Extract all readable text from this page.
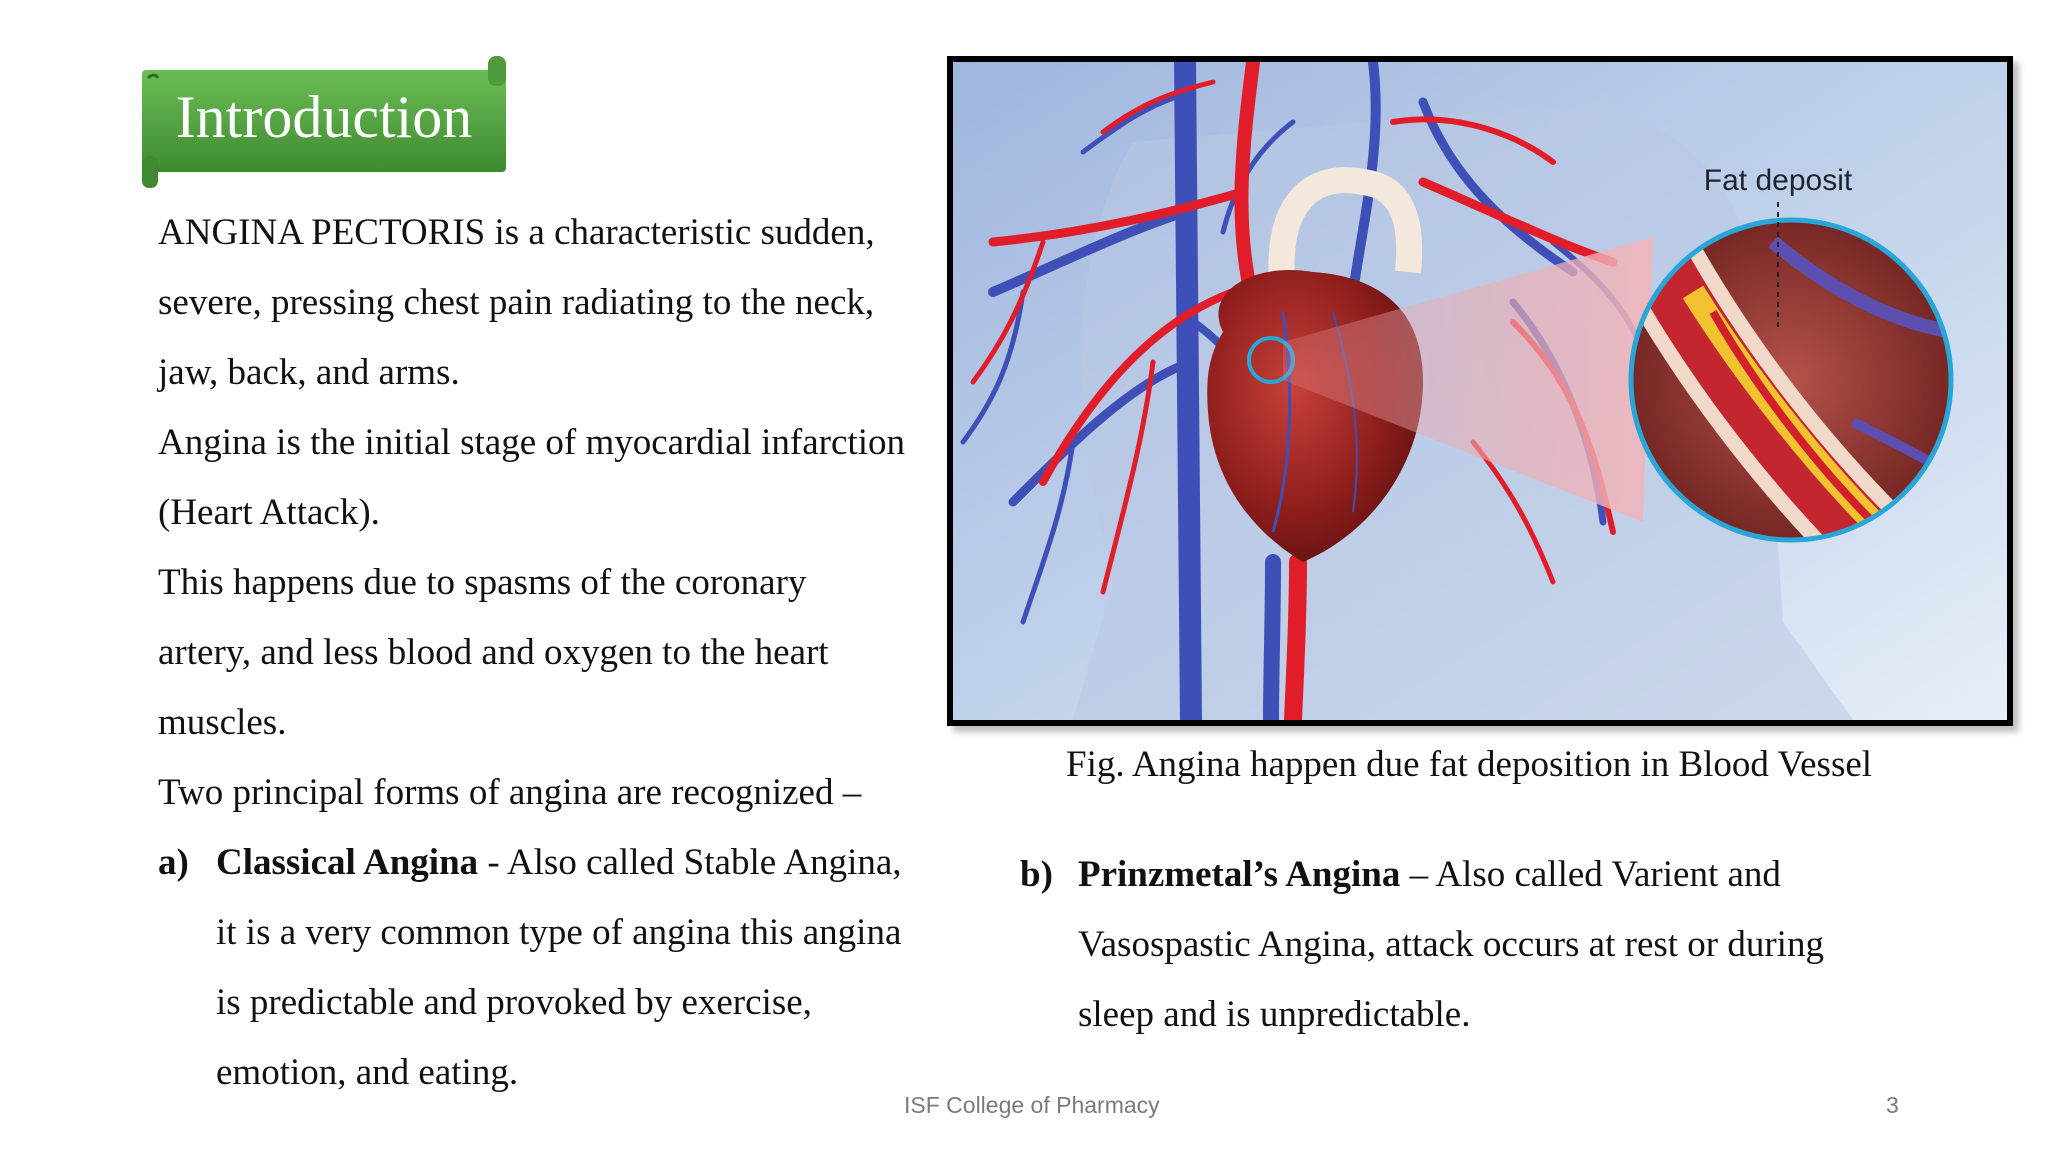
Introduction
ANGINA PECTORIS is a characteristic sudden,
severe, pressing chest pain radiating to the neck,
jaw, back, and arms.
Angina is the initial stage of myocardial infarction
(Heart Attack).
This happens due to spasms of the coronary
artery, and less blood and oxygen to the heart
muscles.
Two principal forms of angina are recognized –
a) Classical Angina - Also called Stable Angina,
it is a very common type of angina this angina
is predictable and provoked by exercise,
emotion, and eating.
Fat deposit
Fig. Angina happen due fat deposition in Blood Vessel
b) Prinzmetal’s Angina – Also called Varient and
Vasospastic Angina, attack occurs at rest or during
sleep and is unpredictable.
ISF College of Pharmacy	3
